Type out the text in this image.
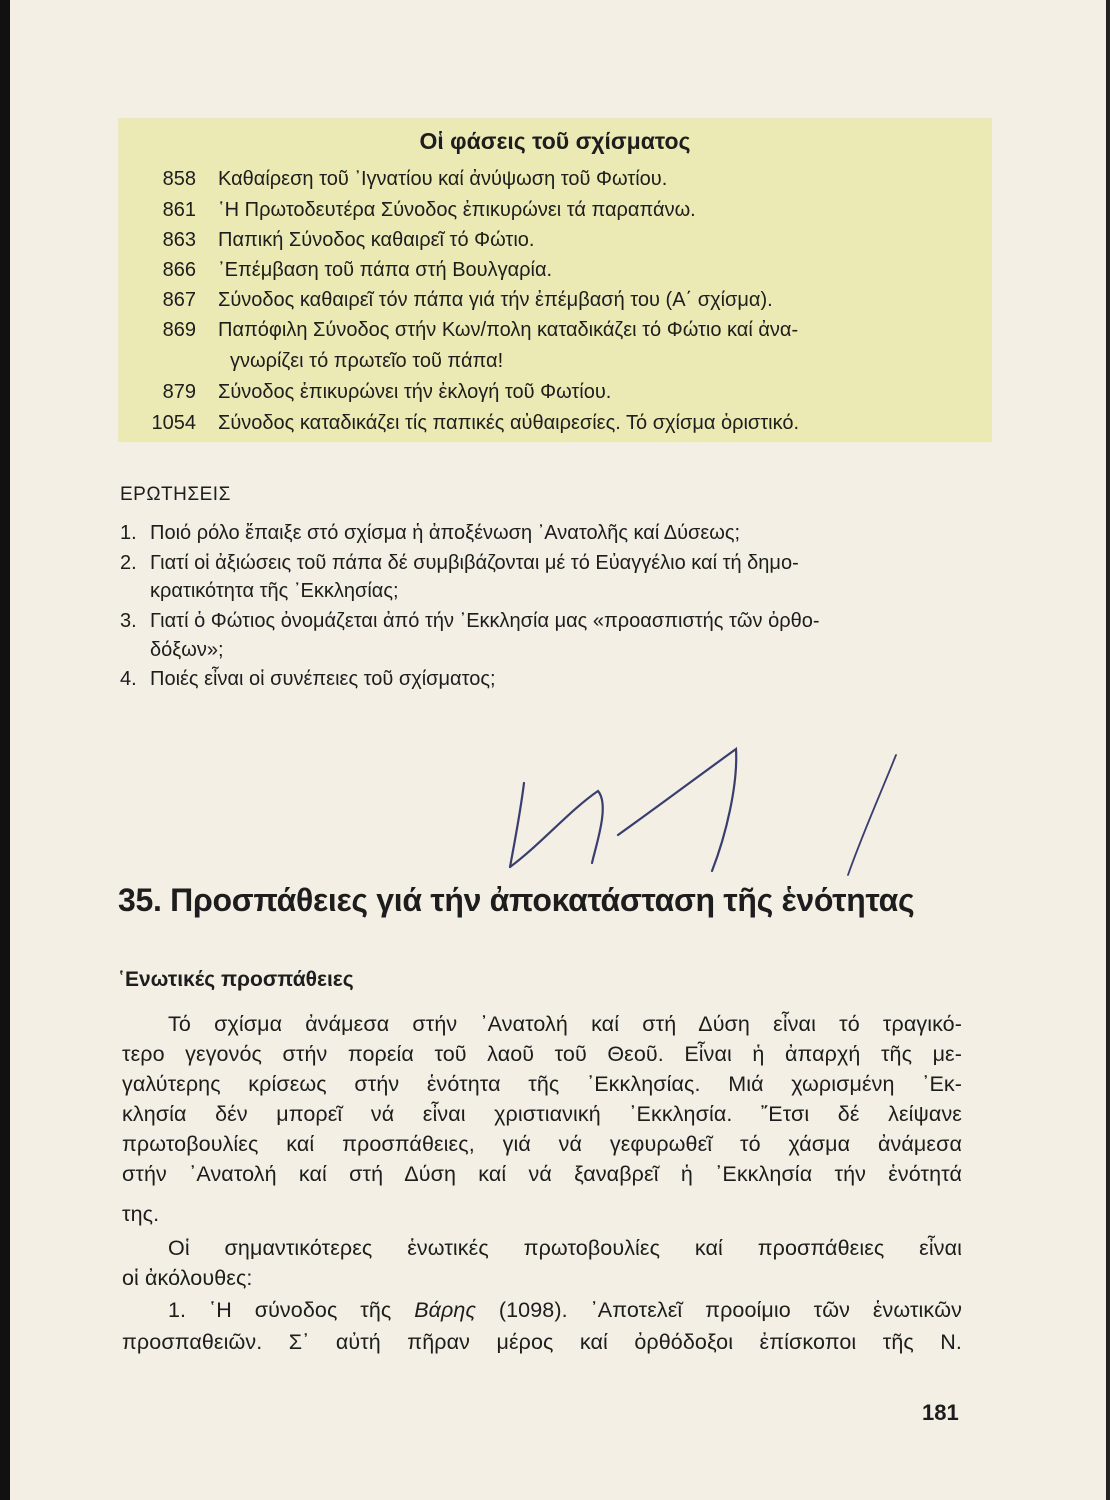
Οἱ φάσεις τοῦ σχίσματος
858 Καθαίρεση τοῦ ᾿Ιγνατίου καί ἀνύψωση τοῦ Φωτίου.
861 ῾Η Πρωτοδευτέρα Σύνοδος ἐπικυρώνει τά παραπάνω.
863 Παπική Σύνοδος καθαιρεῖ τό Φώτιο.
866 ᾿Επέμβαση τοῦ πάπα στή Βουλγαρία.
867 Σύνοδος καθαιρεῖ τόν πάπα γιά τήν ἐπέμβασή του (Α΄ σχίσμα).
869 Παπόφιλη Σύνοδος στήν Κων/πολη καταδικάζει τό Φώτιο καί ἀνα-
γνωρίζει τό πρωτεῖο τοῦ πάπα!
879 Σύνοδος ἐπικυρώνει τήν ἐκλογή τοῦ Φωτίου.
1054 Σύνοδος καταδικάζει τίς παπικές αὐθαιρεσίες. Τό σχίσμα ὁριστικό.
ΕΡΩΤΗΣΕΙΣ
1. Ποιό ρόλο ἔπαιξε στό σχίσμα ἡ ἀποξένωση ᾿Ανατολῆς καί Δύσεως;
2. Γιατί οἱ ἀξιώσεις τοῦ πάπα δέ συμβιβάζονται μέ τό Εὐαγγέλιο καί τή δημο-
κρατικότητα τῆς ᾿Εκκλησίας;
3. Γιατί ὁ Φώτιος ὀνομάζεται ἀπό τήν ᾿Εκκλησία μας «προασπιστής τῶν ὀρθο-
δόξων»;
4. Ποιές εἶναι οἱ συνέπειες τοῦ σχίσματος;
35. Προσπάθειες γιά τήν ἀποκατάσταση τῆς ἑνότητας
῾Ενωτικές προσπάθειες
Τό σχίσμα ἀνάμεσα στήν ᾿Ανατολή καί στή Δύση εἶναι τό τραγικό-
τερο γεγονός στήν πορεία τοῦ λαοῦ τοῦ Θεοῦ. Εἶναι ἡ ἀπαρχή τῆς με-
γαλύτερης κρίσεως στήν ἑνότητα τῆς ᾿Εκκλησίας. Μιά χωρισμένη ᾿Εκ-
κλησία δέν μπορεῖ νά εἶναι χριστιανική ᾿Εκκλησία. ῎Ετσι δέ λείψανε
πρωτοβουλίες καί προσπάθειες, γιά νά γεφυρωθεῖ τό χάσμα ἀνάμεσα
στήν ᾿Ανατολή καί στή Δύση καί νά ξαναβρεῖ ἡ ᾿Εκκλησία τήν ἑνότητά
της.
Οἱ σημαντικότερες ἑνωτικές πρωτοβουλίες καί προσπάθειες εἶναι
οἱ ἀκόλουθες:
1. ῾Η σύνοδος τῆς Βάρης (1098). ᾿Αποτελεῖ προοίμιο τῶν ἑνωτικῶν
προσπαθειῶν. Σ᾿ αὐτή πῆραν μέρος καί ὀρθόδοξοι ἐπίσκοποι τῆς Ν.
181
